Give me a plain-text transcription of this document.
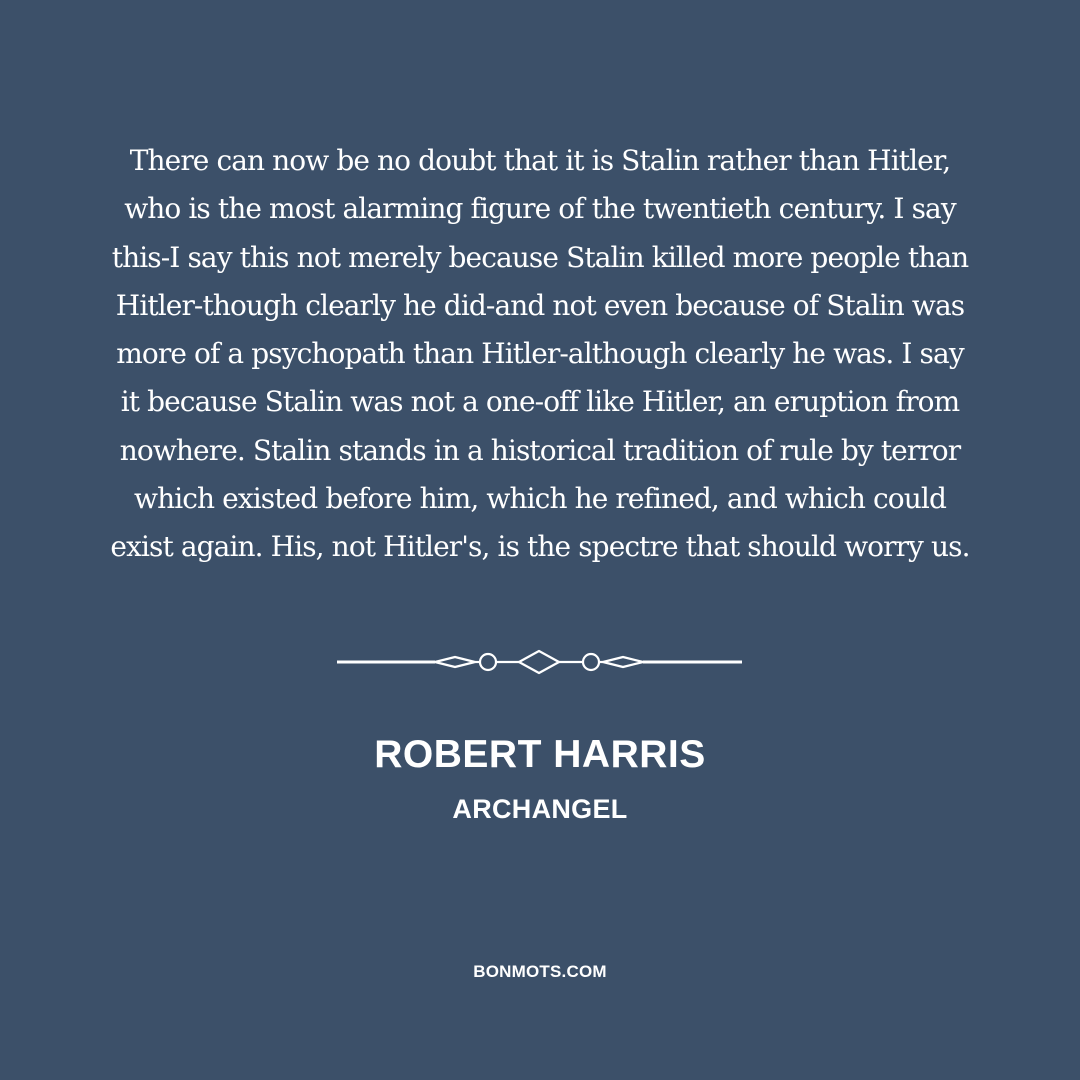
There can now be no doubt that it is Stalin rather than Hitler,
who is the most alarming figure of the twentieth century. I say
this-I say this not merely because Stalin killed more people than
Hitler-though clearly he did-and not even because of Stalin was
more of a psychopath than Hitler-although clearly he was. I say
it because Stalin was not a one-off like Hitler, an eruption from
nowhere. Stalin stands in a historical tradition of rule by terror
which existed before him, which he refined, and which could
exist again. His, not Hitler's, is the spectre that should worry us.
ROBERT HARRIS
ARCHANGEL
BONMOTS.COM
